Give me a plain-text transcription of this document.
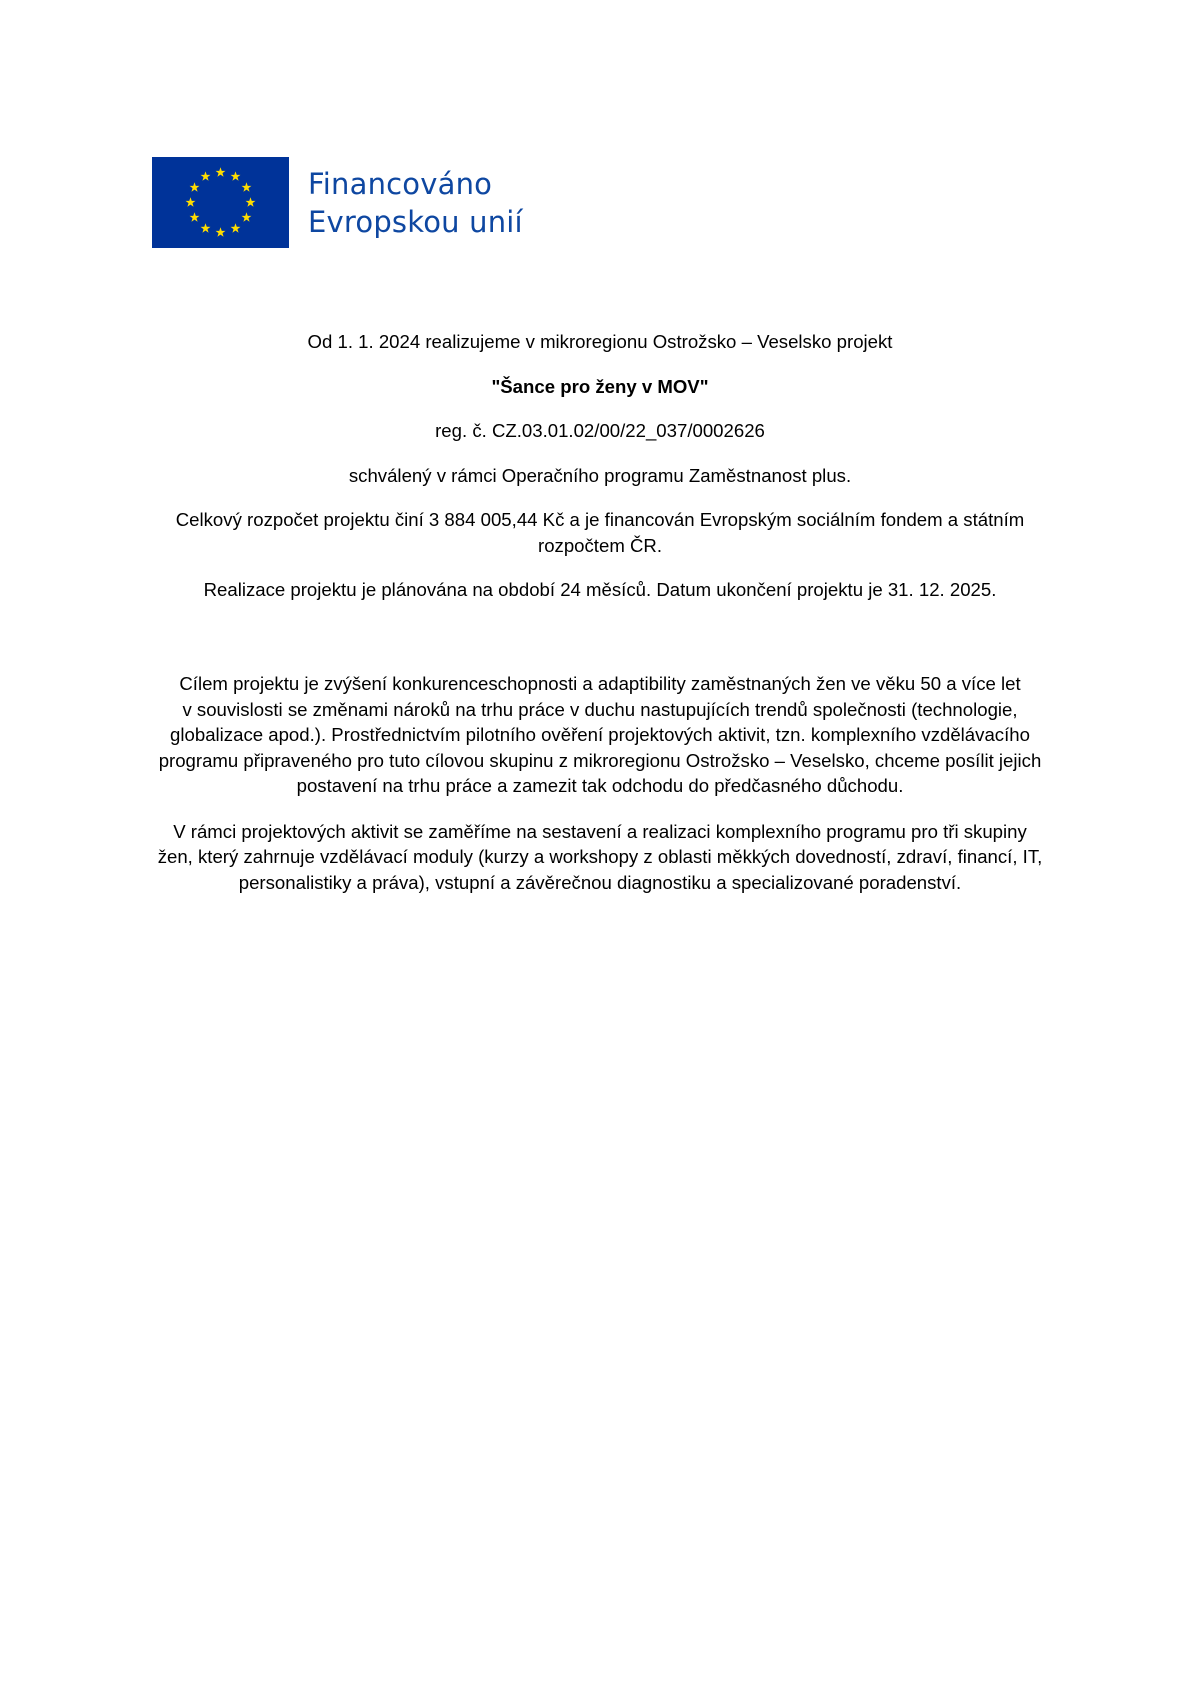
Financováno
Evropskou unií

Od 1. 1. 2024 realizujeme v mikroregionu Ostrožsko – Veselsko projekt

"Šance pro ženy v MOV"

reg. č. CZ.03.01.02/00/22_037/0002626

schválený v rámci Operačního programu Zaměstnanost plus.

Celkový rozpočet projektu činí 3 884 005,44 Kč a je financován Evropským sociálním fondem a státním
rozpočtem ČR.

Realizace projektu je plánována na období 24 měsíců. Datum ukončení projektu je 31. 12. 2025.

Cílem projektu je zvýšení konkurenceschopnosti a adaptibility zaměstnaných žen ve věku 50 a více let
v souvislosti se změnami nároků na trhu práce v duchu nastupujících trendů společnosti (technologie,
globalizace apod.). Prostřednictvím pilotního ověření projektových aktivit, tzn. komplexního vzdělávacího
programu připraveného pro tuto cílovou skupinu z mikroregionu Ostrožsko – Veselsko, chceme posílit jejich
postavení na trhu práce a zamezit tak odchodu do předčasného důchodu.

V rámci projektových aktivit se zaměříme na sestavení a realizaci komplexního programu pro tři skupiny
žen, který zahrnuje vzdělávací moduly (kurzy a workshopy z oblasti měkkých dovedností, zdraví, financí, IT,
personalistiky a práva), vstupní a závěrečnou diagnostiku a specializované poradenství.
